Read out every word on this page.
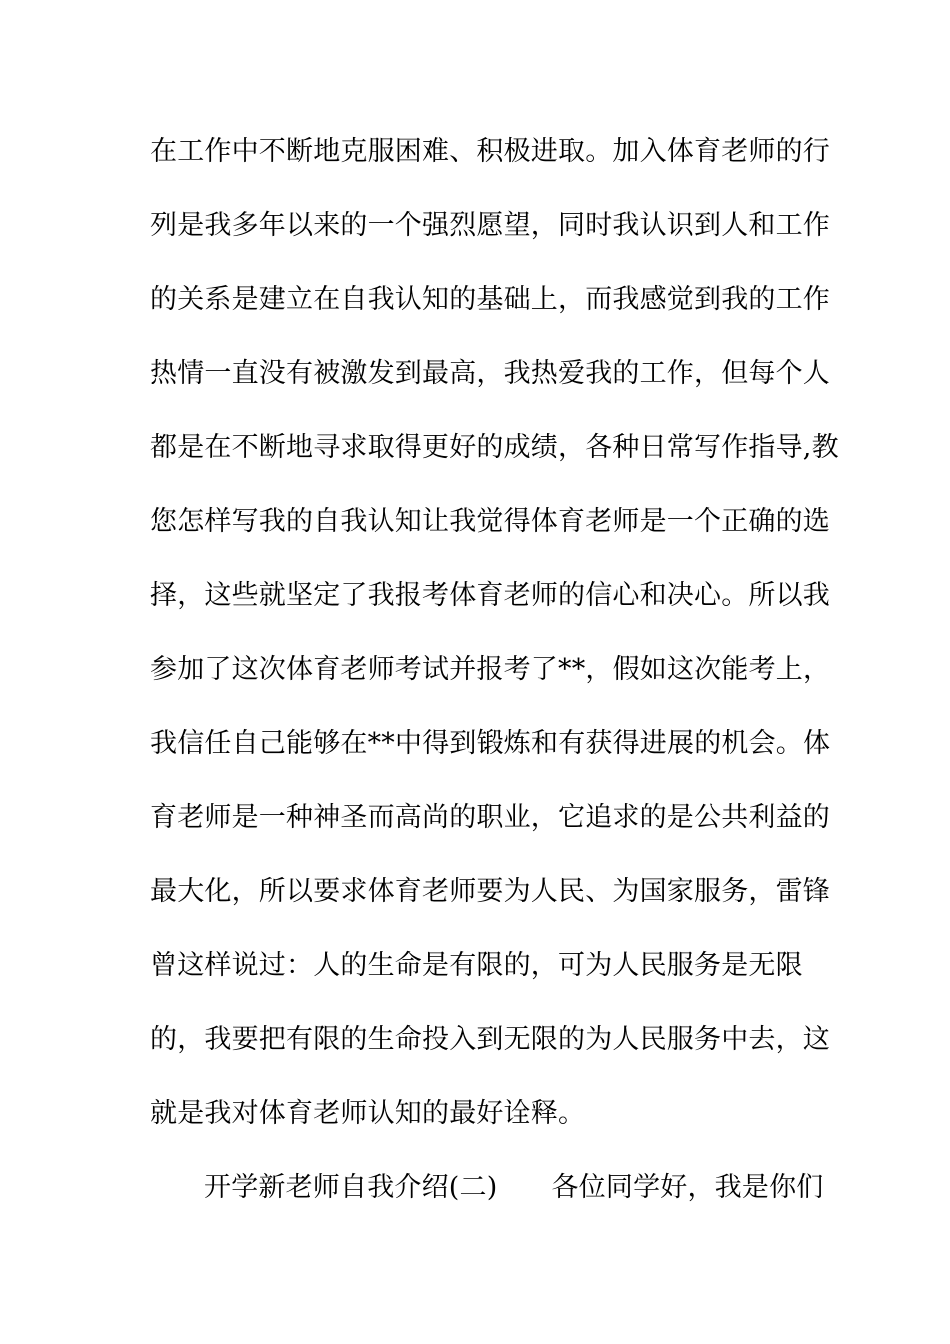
在工作中不断地克服困难、积极进取。加入体育老师的行
列是我多年以来的一个强烈愿望，同时我认识到人和工作
的关系是建立在自我认知的基础上，而我感觉到我的工作
热情一直没有被激发到最高，我热爱我的工作，但每个人
都是在不断地寻求取得更好的成绩，各种日常写作指导,教
您怎样写我的自我认知让我觉得体育老师是一个正确的选
择，这些就坚定了我报考体育老师的信心和决心。所以我
参加了这次体育老师考试并报考了**，假如这次能考上，
我信任自己能够在**中得到锻炼和有获得进展的机会。体
育老师是一种神圣而高尚的职业，它追求的是公共利益的
最大化，所以要求体育老师要为人民、为国家服务，雷锋
曾这样说过：人的生命是有限的，可为人民服务是无限
的，我要把有限的生命投入到无限的为人民服务中去，这
就是我对体育老师认知的最好诠释。
开学新老师自我介绍(二) 各位同学好，我是你们
